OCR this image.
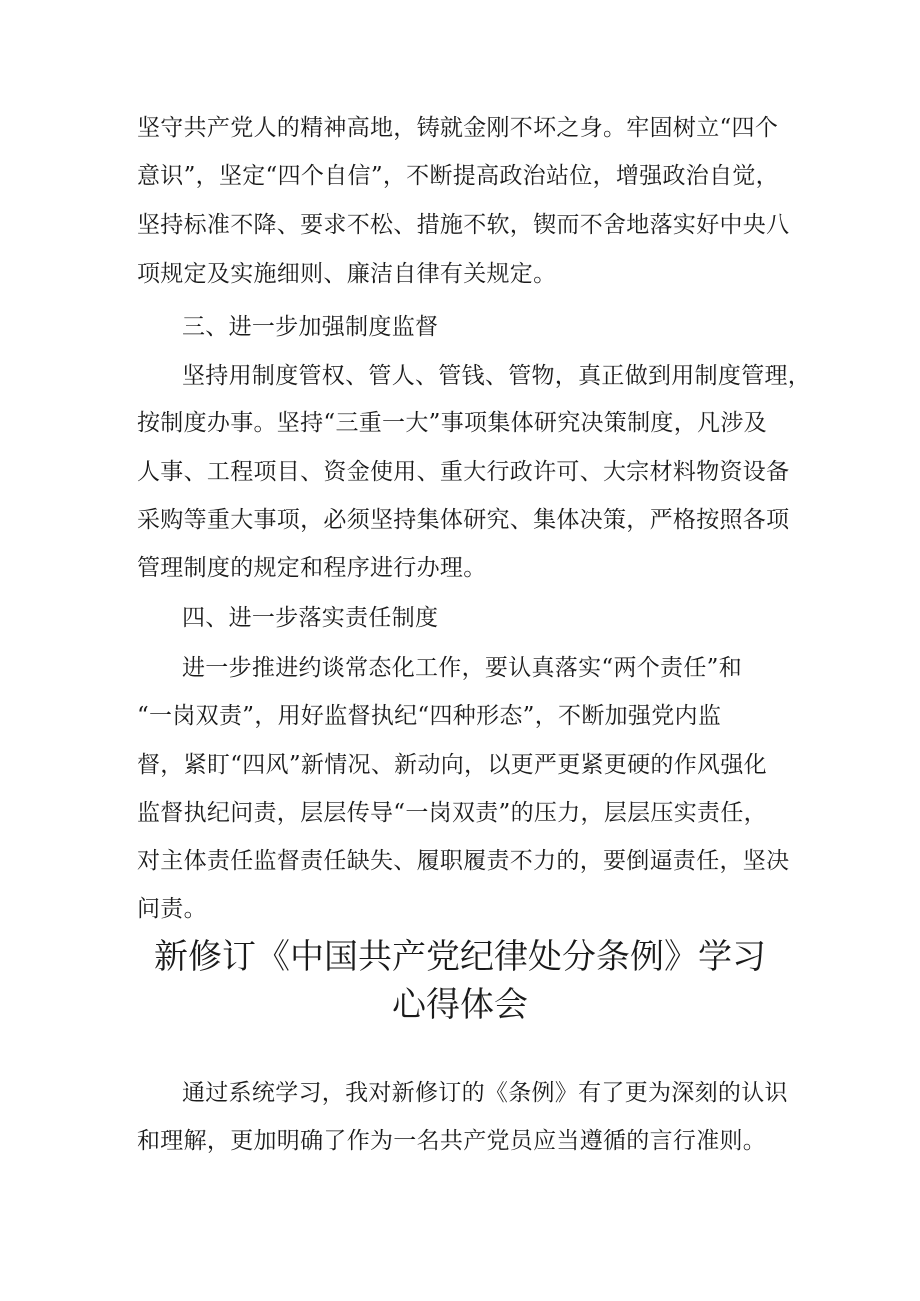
坚守共产党人的精神高地，铸就金刚不坏之身。牢固树立“四个
意识”，坚定“四个自信”，不断提高政治站位，增强政治自觉，
坚持标准不降、要求不松、措施不软，锲而不舍地落实好中央八
项规定及实施细则、廉洁自律有关规定。
三、进一步加强制度监督
坚持用制度管权、管人、管钱、管物，真正做到用制度管理，
按制度办事。坚持“三重一大”事项集体研究决策制度，凡涉及
人事、工程项目、资金使用、重大行政许可、大宗材料物资设备
采购等重大事项，必须坚持集体研究、集体决策，严格按照各项
管理制度的规定和程序进行办理。
四、进一步落实责任制度
进一步推进约谈常态化工作，要认真落实“两个责任”和
“一岗双责”，用好监督执纪“四种形态”，不断加强党内监
督，紧盯“四风”新情况、新动向，以更严更紧更硬的作风强化
监督执纪问责，层层传导“一岗双责”的压力，层层压实责任，
对主体责任监督责任缺失、履职履责不力的，要倒逼责任，坚决
问责。
新修订《中国共产党纪律处分条例》学习
心得体会
通过系统学习，我对新修订的《条例》有了更为深刻的认识
和理解，更加明确了作为一名共产党员应当遵循的言行准则。
